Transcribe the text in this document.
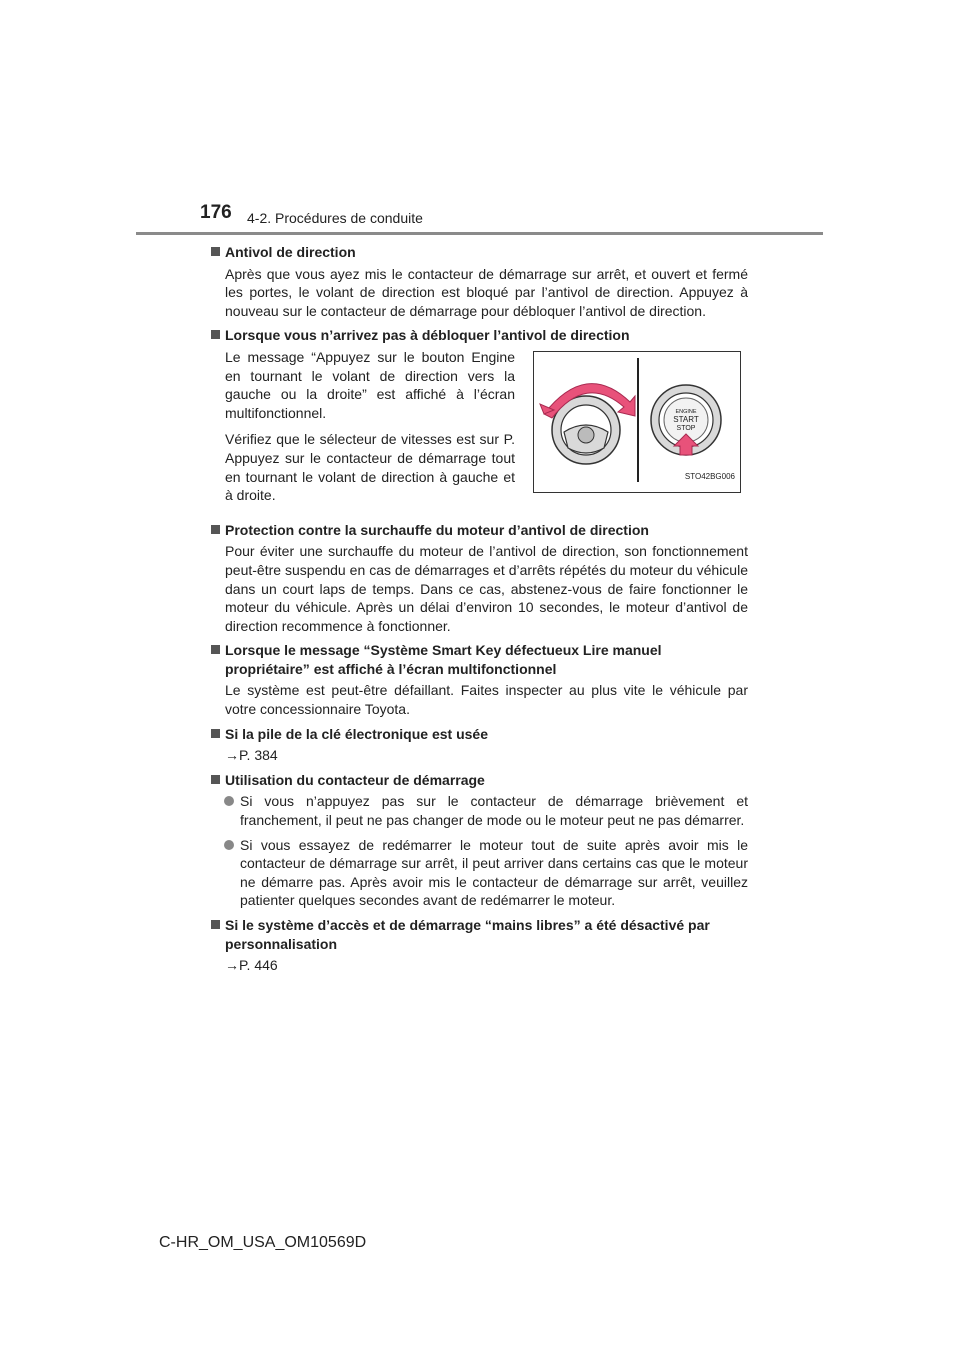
176 4-2. Procédures de conduite

Antivol de direction

Après que vous ayez mis le contacteur de démarrage sur arrêt, et ouvert et fermé les portes, le volant de direction est bloqué par l’antivol de direction. Appuyez à nouveau sur le contacteur de démarrage pour débloquer l’antivol de direction.

Lorsque vous n’arrivez pas à débloquer l’antivol de direction

Le message “Appuyez sur le bouton Engine en tournant le volant de direction vers la gauche ou la droite” est affiché à l’écran multifonctionnel.

Vérifiez que le sélecteur de vitesses est sur P. Appuyez sur le contacteur de démarrage tout en tournant le volant de direction à gauche et à droite.

ENGINE
START
STOP
STO42BG006

Protection contre la surchauffe du moteur d’antivol de direction

Pour éviter une surchauffe du moteur de l’antivol de direction, son fonctionnement peut-être suspendu en cas de démarrages et d’arrêts répétés du moteur du véhicule dans un court laps de temps. Dans ce cas, abstenez-vous de faire fonctionner le moteur du véhicule. Après un délai d’environ 10 secondes, le moteur d’antivol de direction recommence à fonctionner.

Lorsque le message “Système Smart Key défectueux Lire manuel propriétaire” est affiché à l’écran multifonctionnel

Le système est peut-être défaillant. Faites inspecter au plus vite le véhicule par votre concessionnaire Toyota.

Si la pile de la clé électronique est usée

→P. 384

Utilisation du contacteur de démarrage

Si vous n’appuyez pas sur le contacteur de démarrage brièvement et franchement, il peut ne pas changer de mode ou le moteur peut ne pas démarrer.
Si vous essayez de redémarrer le moteur tout de suite après avoir mis le contacteur de démarrage sur arrêt, il peut arriver dans certains cas que le moteur ne démarre pas. Après avoir mis le contacteur de démarrage sur arrêt, veuillez patienter quelques secondes avant de redémarrer le moteur.

Si le système d’accès et de démarrage “mains libres” a été désactivé par personnalisation

→P. 446

C-HR_OM_USA_OM10569D
